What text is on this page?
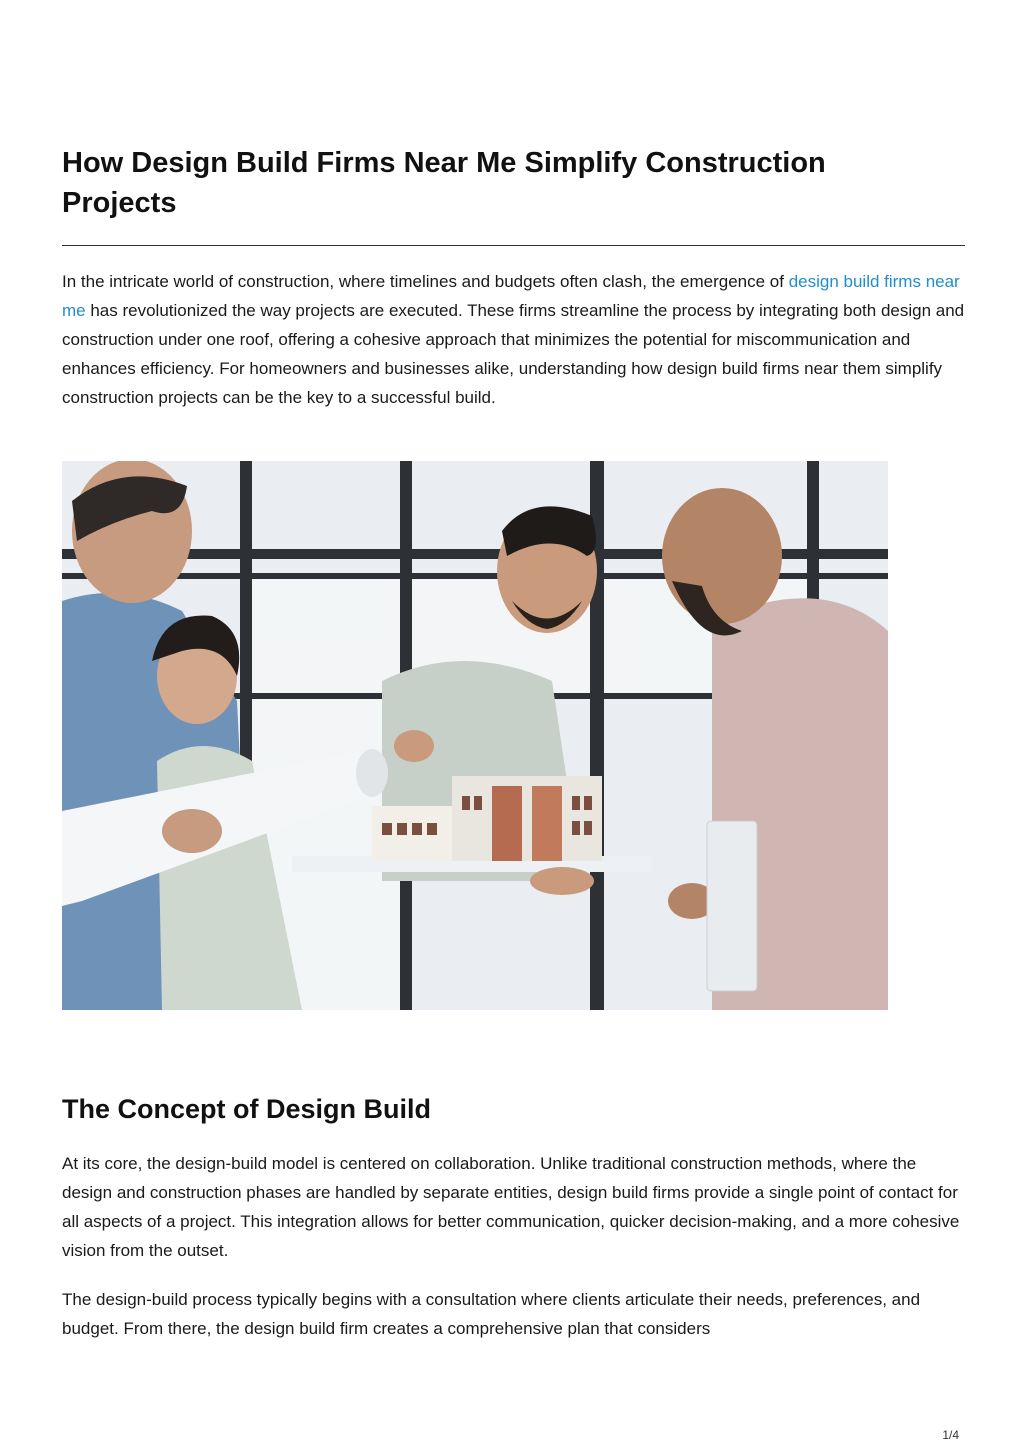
How Design Build Firms Near Me Simplify Construction Projects

In the intricate world of construction, where timelines and budgets often clash, the emergence of design build firms near me has revolutionized the way projects are executed. These firms streamline the process by integrating both design and construction under one roof, offering a cohesive approach that minimizes the potential for miscommunication and enhances efficiency. For homeowners and businesses alike, understanding how design build firms near them simplify construction projects can be the key to a successful build.

The Concept of Design Build

At its core, the design-build model is centered on collaboration. Unlike traditional construction methods, where the design and construction phases are handled by separate entities, design build firms provide a single point of contact for all aspects of a project. This integration allows for better communication, quicker decision-making, and a more cohesive vision from the outset.

The design-build process typically begins with a consultation where clients articulate their needs, preferences, and budget. From there, the design build firm creates a comprehensive plan that considers

1/4
